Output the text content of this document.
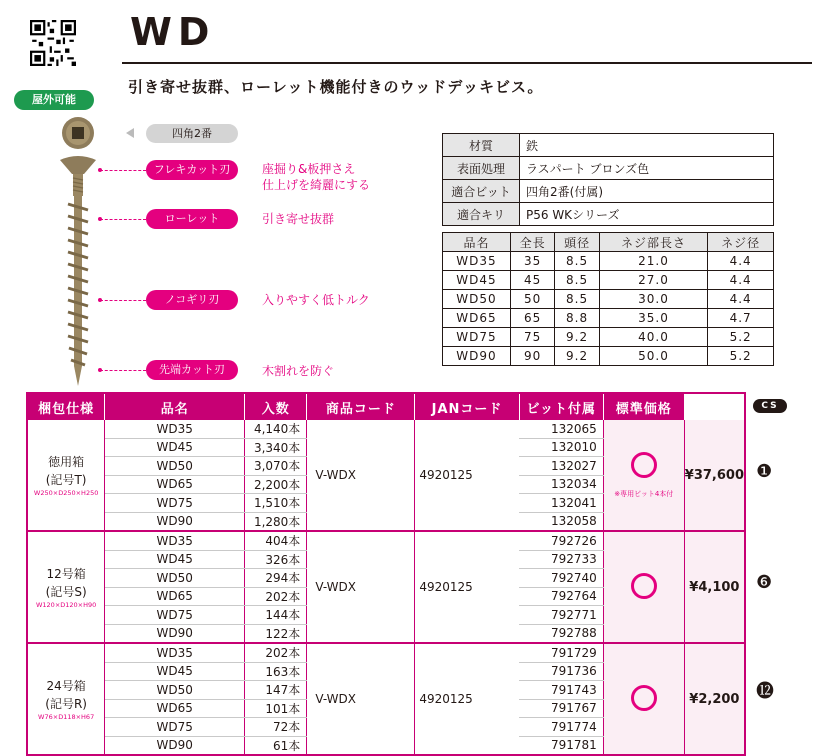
WD
引き寄せ抜群、ローレット機能付きのウッドデッキビス。
屋外可能
四角2番
フレキカット刃	座掘り&板押さえ
仕上げを綺麗にする
ローレット	引き寄せ抜群
ノコギリ刃	入りやすく低トルク
先端カット刃	木割れを防ぐ
材質	鉄
表面処理	ラスパート ブロンズ色
適合ビット	四角2番(付属)
適合キリ	P56 WKシリーズ
品名	全長	頭径	ネジ部長さ	ネジ径
WD35	35	8.5	21.0	4.4
WD45	45	8.5	27.0	4.4
WD50	50	8.5	30.0	4.4
WD65	65	8.8	35.0	4.7
WD75	75	9.2	40.0	5.2
WD90	90	9.2	50.0	5.2
梱包仕様	品名	入数	商品コード	JANコード	ビット付属	標準価格	

徳用箱
(記号T)
W250×D250×H250	WD35	4,140本	V-WDX	4920125	132065	※専用ビット4本付	¥37,600
	WD45	3,340本			132010		
	WD50	3,070本			132027		
	WD65	2,200本			132034		
	WD75	1,510本			132041		
	WD90	1,280本			132058		

12号箱
(記号S)
W120×D120×H90	WD35	404本	V-WDX	4920125	792726		¥4,100
	WD45	326本			792733		
	WD50	294本			792740		
	WD65	202本			792764		
	WD75	144本			792771		
	WD90	122本			792788		

24号箱
(記号R)
W76×D118×H67	WD35	202本	V-WDX	4920125	791729		¥2,200
	WD45	163本			791736		
	WD50	147本			791743		
	WD65	101本			791767		
	WD75	72本			791774		
	WD90	61本			791781		
CS
❶
❻
⓬
